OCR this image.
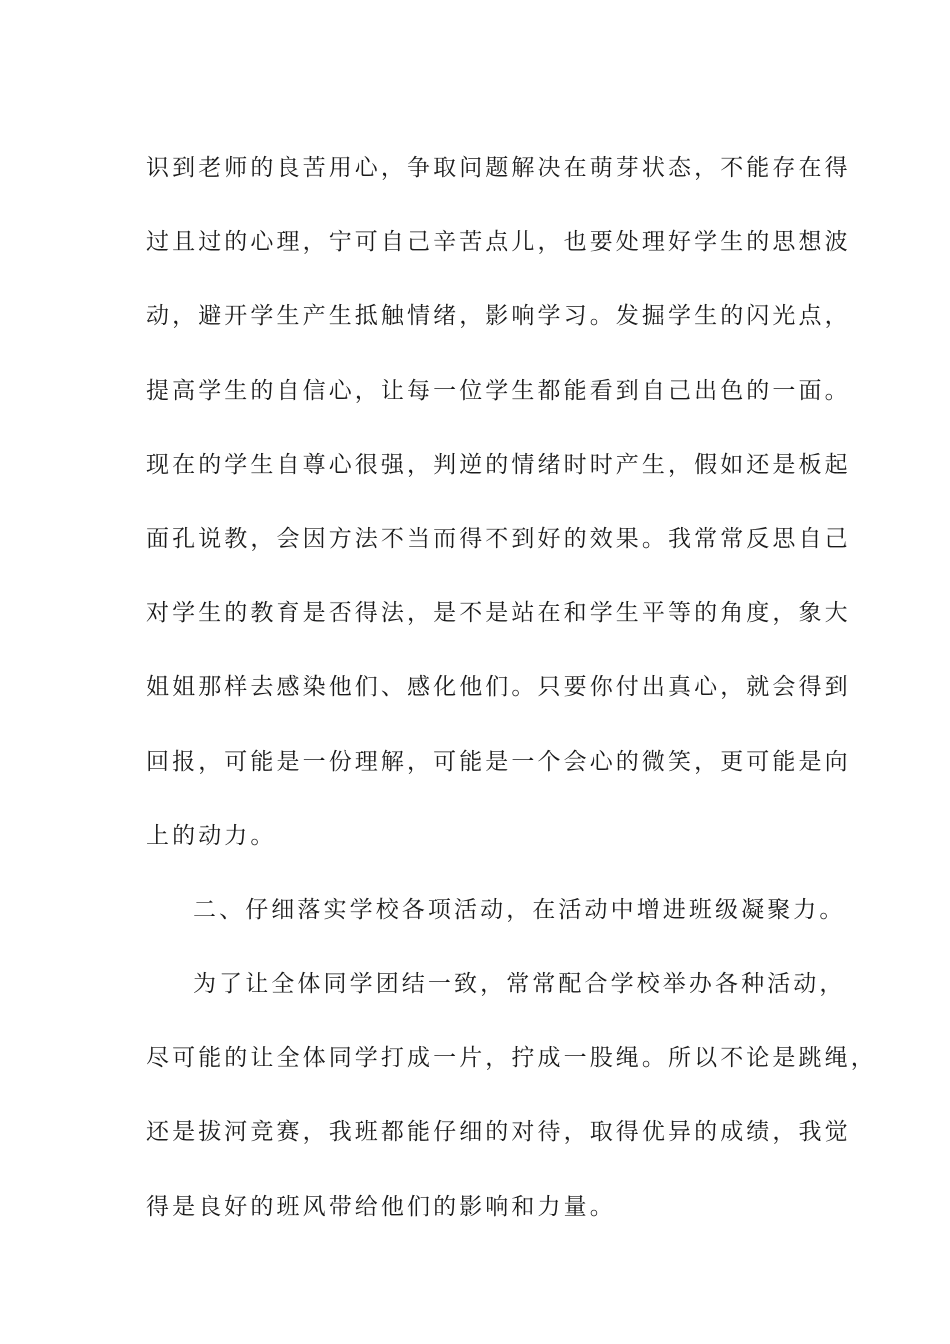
识到老师的良苦用心，争取问题解决在萌芽状态，不能存在得
过且过的心理，宁可自己辛苦点儿，也要处理好学生的思想波
动，避开学生产生抵触情绪，影响学习。发掘学生的闪光点，
提高学生的自信心，让每一位学生都能看到自己出色的一面。
现在的学生自尊心很强，判逆的情绪时时产生，假如还是板起
面孔说教，会因方法不当而得不到好的效果。我常常反思自己
对学生的教育是否得法，是不是站在和学生平等的角度，象大
姐姐那样去感染他们、感化他们。只要你付出真心，就会得到
回报，可能是一份理解，可能是一个会心的微笑，更可能是向
上的动力。
二、仔细落实学校各项活动，在活动中增进班级凝聚力。
为了让全体同学团结一致，常常配合学校举办各种活动，
尽可能的让全体同学打成一片，拧成一股绳。所以不论是跳绳，
还是拔河竞赛，我班都能仔细的对待，取得优异的成绩，我觉
得是良好的班风带给他们的影响和力量。
